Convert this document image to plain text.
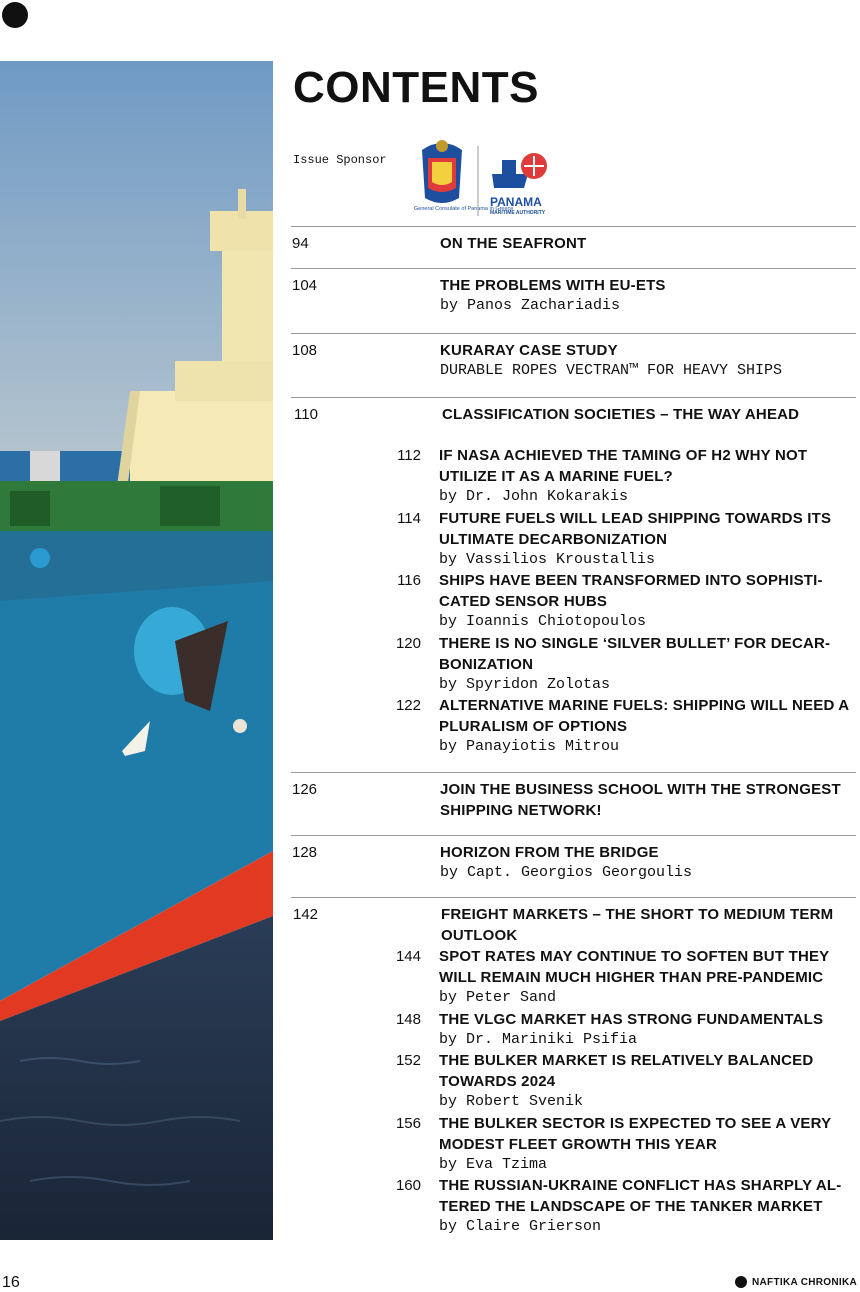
CONTENTS
Issue Sponsor
General Consulate of Panama in Greece
PANAMA
MARITIME AUTHORITY
94	ON THE SEAFRONT
104	THE PROBLEMS WITH EU-ETS
by Panos Zachariadis
108	KURARAY CASE STUDY
DURABLE ROPES VECTRAN™ FOR HEAVY SHIPS
110	CLASSIFICATION SOCIETIES – THE WAY AHEAD
112	IF NASA ACHIEVED THE TAMING OF H2 WHY NOT UTILIZE IT AS A MARINE FUEL?
by Dr. John Kokarakis
114	FUTURE FUELS WILL LEAD SHIPPING TOWARDS ITS ULTIMATE DECARBONIZATION
by Vassilios Kroustallis
116	SHIPS HAVE BEEN TRANSFORMED INTO SOPHISTI-CATED SENSOR HUBS
by Ioannis Chiotopoulos
120	THERE IS NO SINGLE ‘SILVER BULLET’ FOR DECAR-BONIZATION
by Spyridon Zolotas
122	ALTERNATIVE MARINE FUELS: SHIPPING WILL NEED A PLURALISM OF OPTIONS
by Panayiotis Mitrou
126	JOIN THE BUSINESS SCHOOL WITH THE STRONGEST SHIPPING NETWORK!
128	HORIZON FROM THE BRIDGE
by Capt. Georgios Georgoulis
142	FREIGHT MARKETS – THE SHORT TO MEDIUM TERM OUTLOOK
144	SPOT RATES MAY CONTINUE TO SOFTEN BUT THEY WILL REMAIN MUCH HIGHER THAN PRE-PANDEMIC
by Peter Sand
148	THE VLGC MARKET HAS STRONG FUNDAMENTALS
by Dr. Mariniki Psifia
152	THE BULKER MARKET IS RELATIVELY BALANCED TOWARDS 2024
by Robert Svenik
156	THE BULKER SECTOR IS EXPECTED TO SEE A VERY MODEST FLEET GROWTH THIS YEAR
by Eva Tzima
160	THE RUSSIAN-UKRAINE CONFLICT HAS SHARPLY AL-TERED THE LANDSCAPE OF THE TANKER MARKET
by Claire Grierson
16	NAFTIKA CHRONIKA
